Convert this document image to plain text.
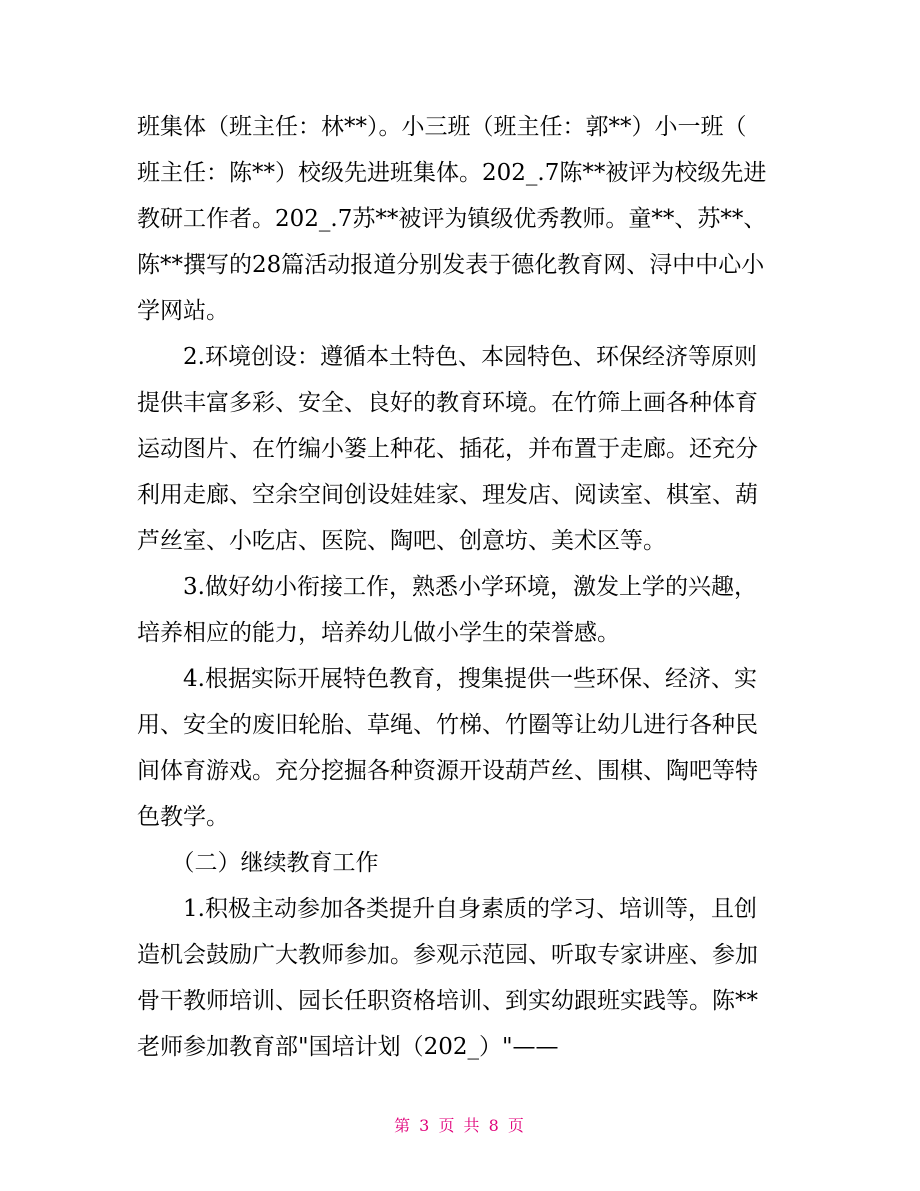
班集体（班主任：林**）。小三班（班主任：郭**）小一班（
班主任：陈**）校级先进班集体。202_.7陈**被评为校级先进
教研工作者。202_.7苏**被评为镇级优秀教师。童**、苏**、
陈**撰写的28篇活动报道分别发表于德化教育网、浔中中心小
学网站。
　　2.环境创设：遵循本土特色、本园特色、环保经济等原则
提供丰富多彩、安全、良好的教育环境。在竹筛上画各种体育
运动图片、在竹编小篓上种花、插花，并布置于走廊。还充分
利用走廊、空余空间创设娃娃家、理发店、阅读室、棋室、葫
芦丝室、小吃店、医院、陶吧、创意坊、美术区等。
　　3.做好幼小衔接工作，熟悉小学环境，激发上学的兴趣，
培养相应的能力，培养幼儿做小学生的荣誉感。
　　4.根据实际开展特色教育，搜集提供一些环保、经济、实
用、安全的废旧轮胎、草绳、竹梯、竹圈等让幼儿进行各种民
间体育游戏。充分挖掘各种资源开设葫芦丝、围棋、陶吧等特
色教学。
　　（二）继续教育工作
　　1.积极主动参加各类提升自身素质的学习、培训等，且创
造机会鼓励广大教师参加。参观示范园、听取专家讲座、参加
骨干教师培训、园长任职资格培训、到实幼跟班实践等。陈**
老师参加教育部"国培计划（202_）"——
第 3 页 共 8 页
